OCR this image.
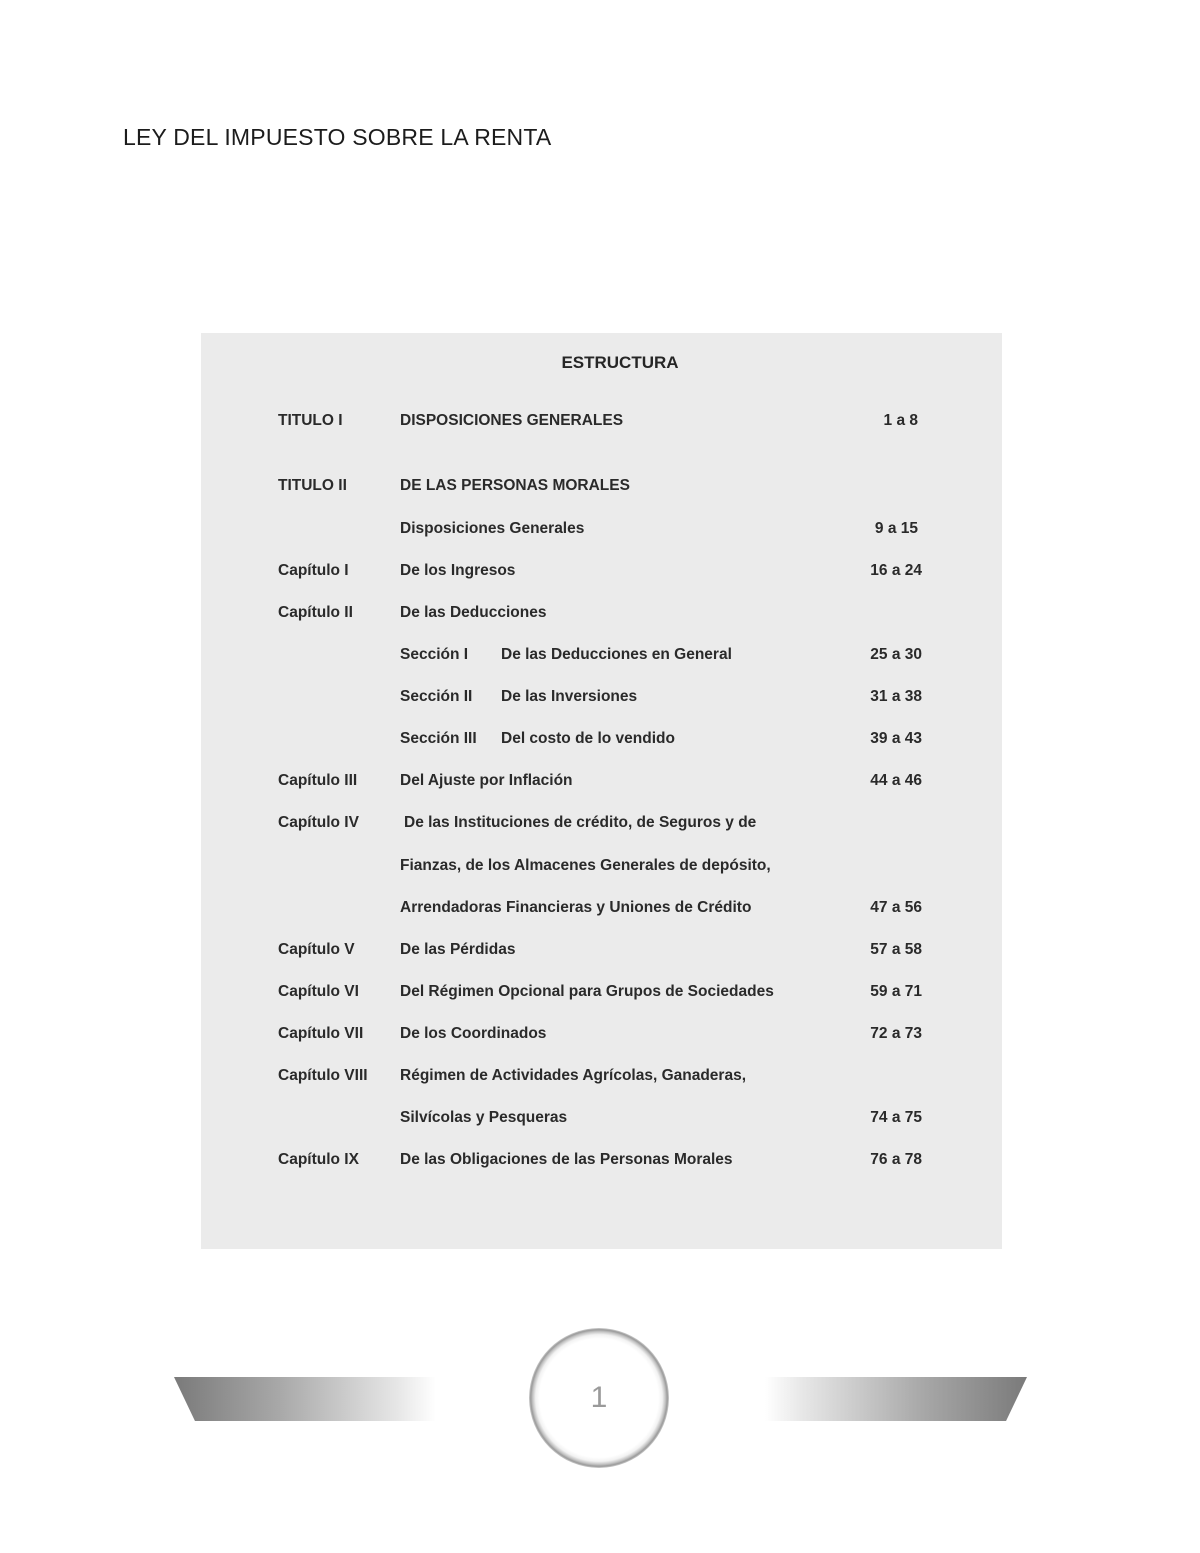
LEY DEL IMPUESTO SOBRE LA RENTA
ESTRUCTURA
TITULO I	DISPOSICIONES GENERALES	1 a 8
TITULO II	DE LAS PERSONAS MORALES
Disposiciones Generales	9 a 15
Capítulo I	De los Ingresos	16 a 24
Capítulo II	De las Deducciones
Sección I De las Deducciones en General	25 a 30
Sección II De las Inversiones	31 a 38
Sección III Del costo de lo vendido	39 a 43
Capítulo III	Del Ajuste por Inflación	44 a 46
Capítulo IV	De las Instituciones de crédito, de Seguros y de
Fianzas, de los Almacenes Generales de depósito,
Arrendadoras Financieras y Uniones de Crédito	47 a 56
Capítulo V	De las Pérdidas	57 a 58
Capítulo VI	Del Régimen Opcional para Grupos de Sociedades	59 a 71
Capítulo VII De los Coordinados	72 a 73
Capítulo VIII Régimen de Actividades Agrícolas, Ganaderas,
Silvícolas y Pesqueras	74 a 75
Capítulo IX	De las Obligaciones de las Personas Morales	76 a 78
1
